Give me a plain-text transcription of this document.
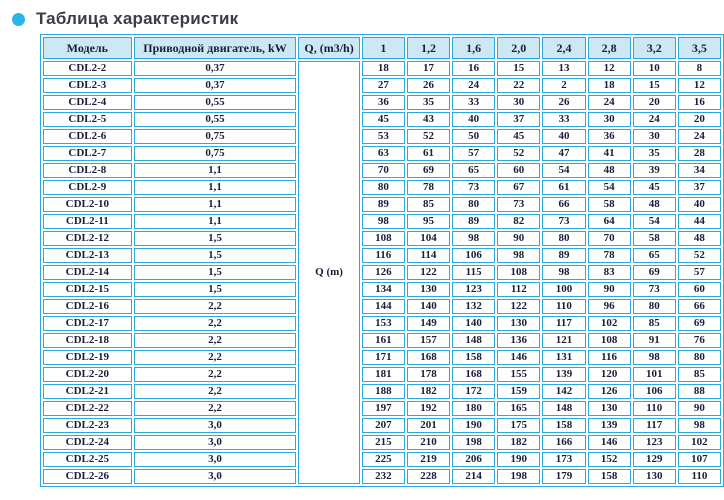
Таблица характеристик
Модель	Приводной двигатель, kW	Q, (m3/h)	1	1,2	1,6	2,0	2,4	2,8	3,2	3,5
CDL2-2	0,37	Q (m)	18	17	16	15	13	12	10	8
CDL2-3	0,37		27	26	24	22	2	18	15	12
CDL2-4	0,55		36	35	33	30	26	24	20	16
CDL2-5	0,55		45	43	40	37	33	30	24	20
CDL2-6	0,75		53	52	50	45	40	36	30	24
CDL2-7	0,75		63	61	57	52	47	41	35	28
CDL2-8	1,1		70	69	65	60	54	48	39	34
CDL2-9	1,1		80	78	73	67	61	54	45	37
CDL2-10	1,1		89	85	80	73	66	58	48	40
CDL2-11	1,1		98	95	89	82	73	64	54	44
CDL2-12	1,5		108	104	98	90	80	70	58	48
CDL2-13	1,5		116	114	106	98	89	78	65	52
CDL2-14	1,5		126	122	115	108	98	83	69	57
CDL2-15	1,5		134	130	123	112	100	90	73	60
CDL2-16	2,2		144	140	132	122	110	96	80	66
CDL2-17	2,2		153	149	140	130	117	102	85	69
CDL2-18	2,2		161	157	148	136	121	108	91	76
CDL2-19	2,2		171	168	158	146	131	116	98	80
CDL2-20	2,2		181	178	168	155	139	120	101	85
CDL2-21	2,2		188	182	172	159	142	126	106	88
CDL2-22	2,2		197	192	180	165	148	130	110	90
CDL2-23	3,0		207	201	190	175	158	139	117	98
CDL2-24	3,0		215	210	198	182	166	146	123	102
CDL2-25	3,0		225	219	206	190	173	152	129	107
CDL2-26	3,0		232	228	214	198	179	158	130	110
